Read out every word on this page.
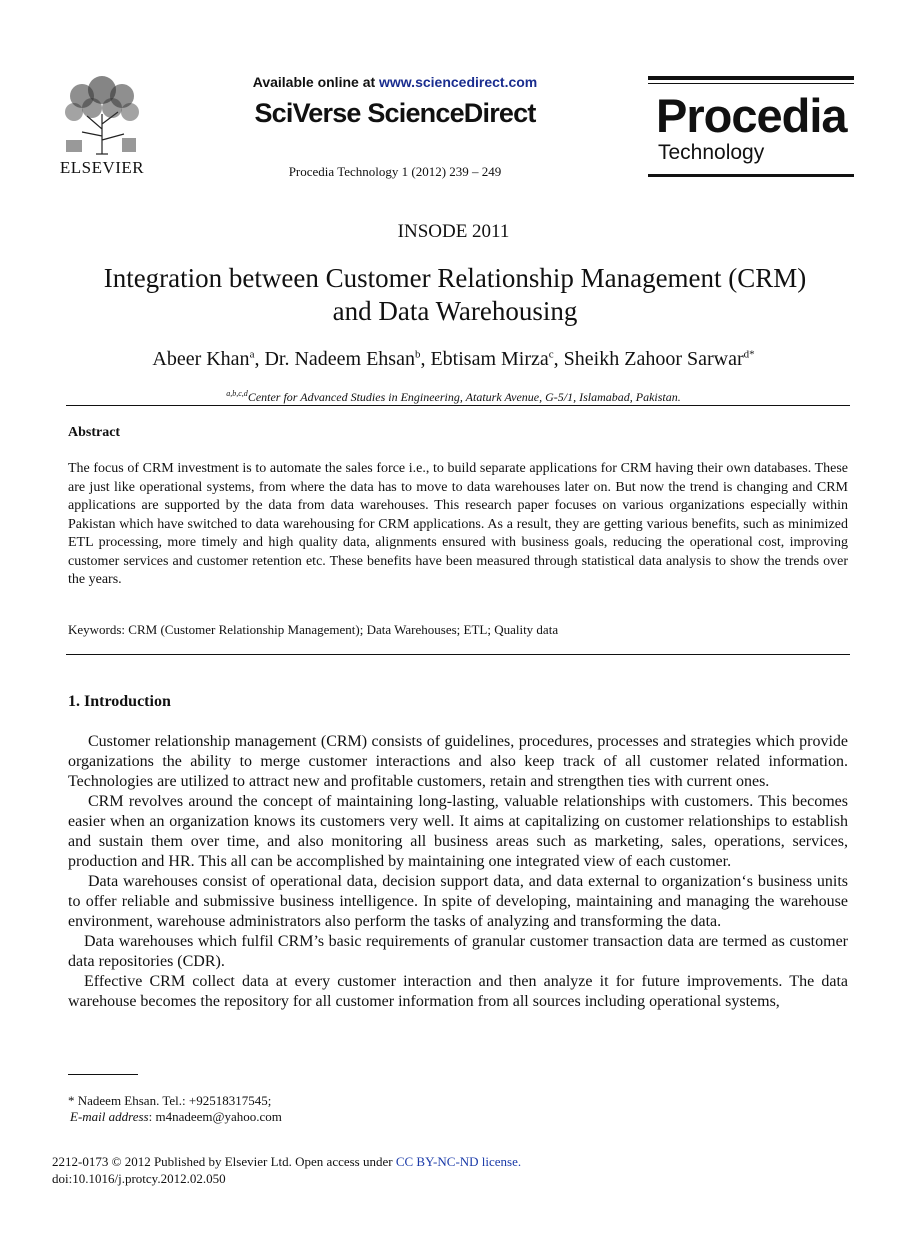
ELSEVIER
Available online at www.sciencedirect.com
SciVerse ScienceDirect
Procedia Technology 1 (2012) 239 – 249
Procedia
Technology
INSODE 2011
Integration between Customer Relationship Management (CRM)
and Data Warehousing
Abeer Khan$^a$, Dr. Nadeem Ehsan$^b$, Ebtisam Mirza$^c$, Sheikh Zahoor Sarwar$^{d*}$
$^{a,b,c,d}$Center for Advanced Studies in Engineering, Ataturk Avenue, G-5/1, Islamabad, Pakistan.
Abstract
The focus of CRM investment is to automate the sales force i.e., to build separate applications for CRM having their own databases. These are just like operational systems, from where the data has to move to data warehouses later on. But now the trend is changing and CRM applications are supported by the data from data warehouses. This research paper focuses on various organizations especially within Pakistan which have switched to data warehousing for CRM applications. As a result, they are getting various benefits, such as minimized ETL processing, more timely and high quality data, alignments ensured with business goals, reducing the operational cost, improving customer services and customer retention etc. These benefits have been measured through statistical data analysis to show the trends over the years.
Keywords: CRM (Customer Relationship Management); Data Warehouses; ETL; Quality data
1. Introduction

Customer relationship management (CRM) consists of guidelines, procedures, processes and strategies which provide organizations the ability to merge customer interactions and also keep track of all customer related information. Technologies are utilized to attract new and profitable customers, retain and strengthen ties with current ones.

CRM revolves around the concept of maintaining long-lasting, valuable relationships with customers. This becomes easier when an organization knows its customers very well. It aims at capitalizing on customer relationships to establish and sustain them over time, and also monitoring all business areas such as marketing, sales, operations, services, production and HR. This all can be accomplished by maintaining one integrated view of each customer.

Data warehouses consist of operational data, decision support data, and data external to organization‘s business units to offer reliable and submissive business intelligence. In spite of developing, maintaining and managing the warehouse environment, warehouse administrators also perform the tasks of analyzing and transforming the data.

Data warehouses which fulfil CRM’s basic requirements of granular customer transaction data are termed as customer data repositories (CDR).

Effective CRM collect data at every customer interaction and then analyze it for future improvements. The data warehouse becomes the repository for all customer information from all sources including operational systems,

* Nadeem Ehsan. Tel.: +92518317545;
E-mail address: m4nadeem@yahoo.com
2212-0173 © 2012 Published by Elsevier Ltd. Open access under CC BY-NC-ND license.
doi:10.1016/j.protcy.2012.02.050
